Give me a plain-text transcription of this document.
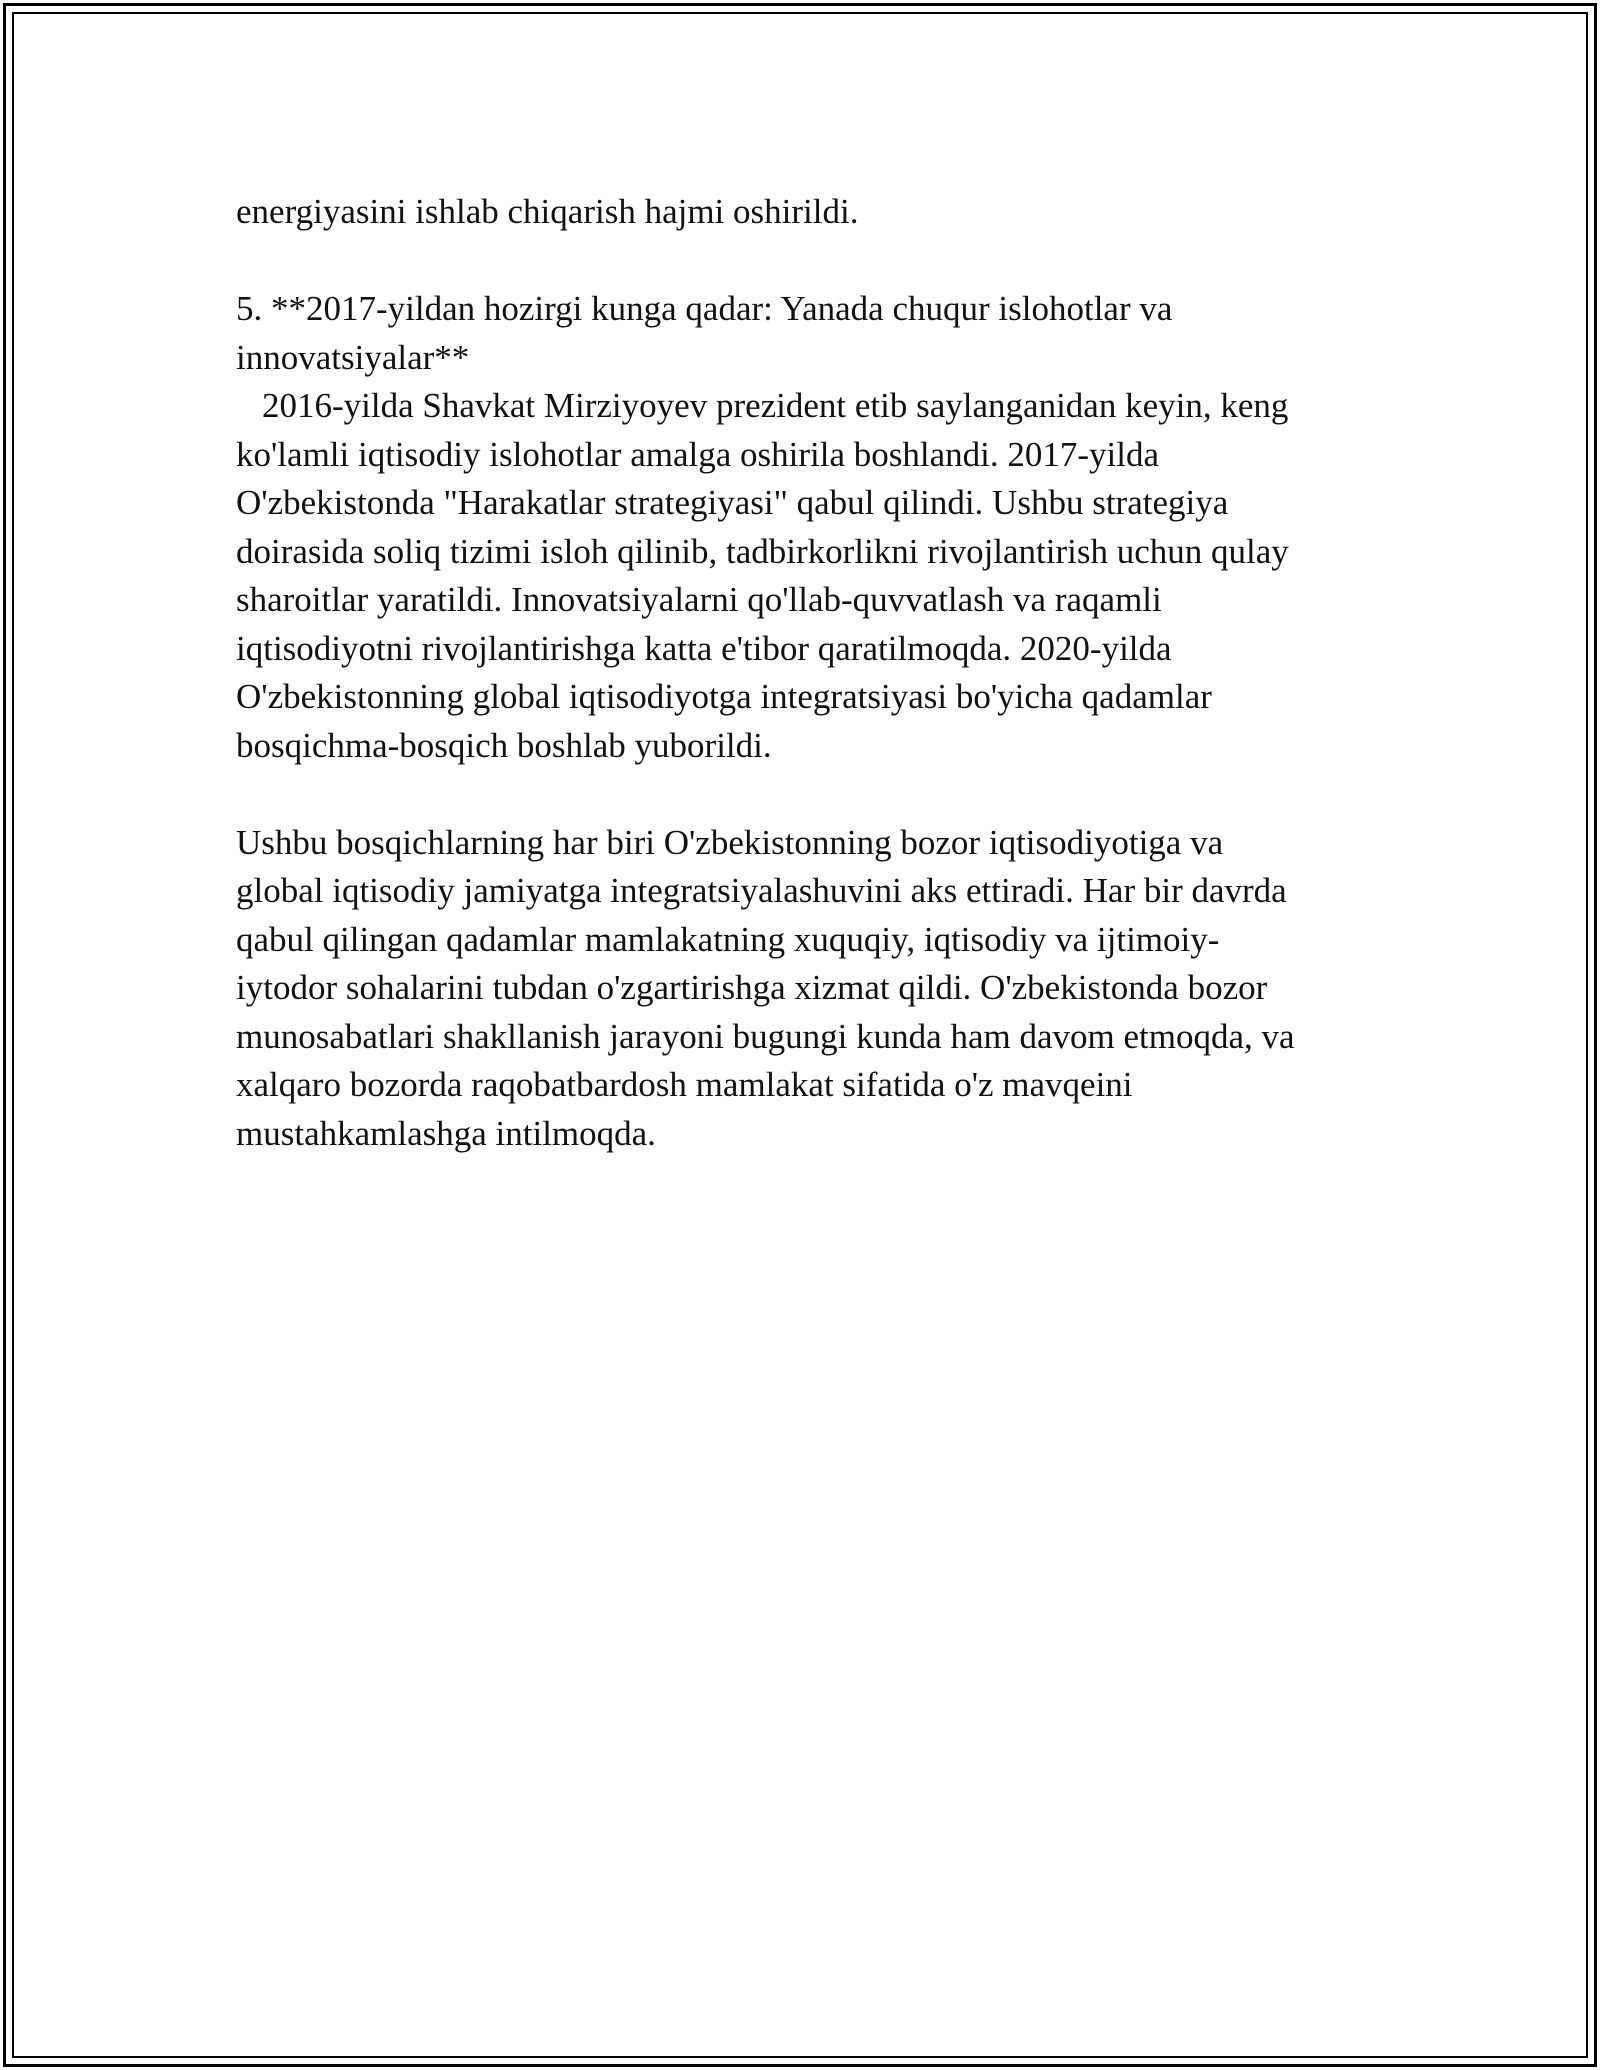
energiyasini ishlab chiqarish hajmi oshirildi.

5. **2017-yildan hozirgi kunga qadar: Yanada chuqur islohotlar va

innovatsiyalar**

2016-yilda Shavkat Mirziyoyev prezident etib saylanganidan keyin, keng

ko'lamli iqtisodiy islohotlar amalga oshirila boshlandi. 2017-yilda

O'zbekistonda "Harakatlar strategiyasi" qabul qilindi. Ushbu strategiya

doirasida soliq tizimi isloh qilinib, tadbirkorlikni rivojlantirish uchun qulay

sharoitlar yaratildi. Innovatsiyalarni qo'llab-quvvatlash va raqamli

iqtisodiyotni rivojlantirishga katta e'tibor qaratilmoqda. 2020-yilda

O'zbekistonning global iqtisodiyotga integratsiyasi bo'yicha qadamlar

bosqichma-bosqich boshlab yuborildi.

Ushbu bosqichlarning har biri O'zbekistonning bozor iqtisodiyotiga va

global iqtisodiy jamiyatga integratsiyalashuvini aks ettiradi. Har bir davrda

qabul qilingan qadamlar mamlakatning xuquqiy, iqtisodiy va ijtimoiy-

iytodor sohalarini tubdan o'zgartirishga xizmat qildi. O'zbekistonda bozor

munosabatlari shakllanish jarayoni bugungi kunda ham davom etmoqda, va

xalqaro bozorda raqobatbardosh mamlakat sifatida o'z mavqeini

mustahkamlashga intilmoqda.
